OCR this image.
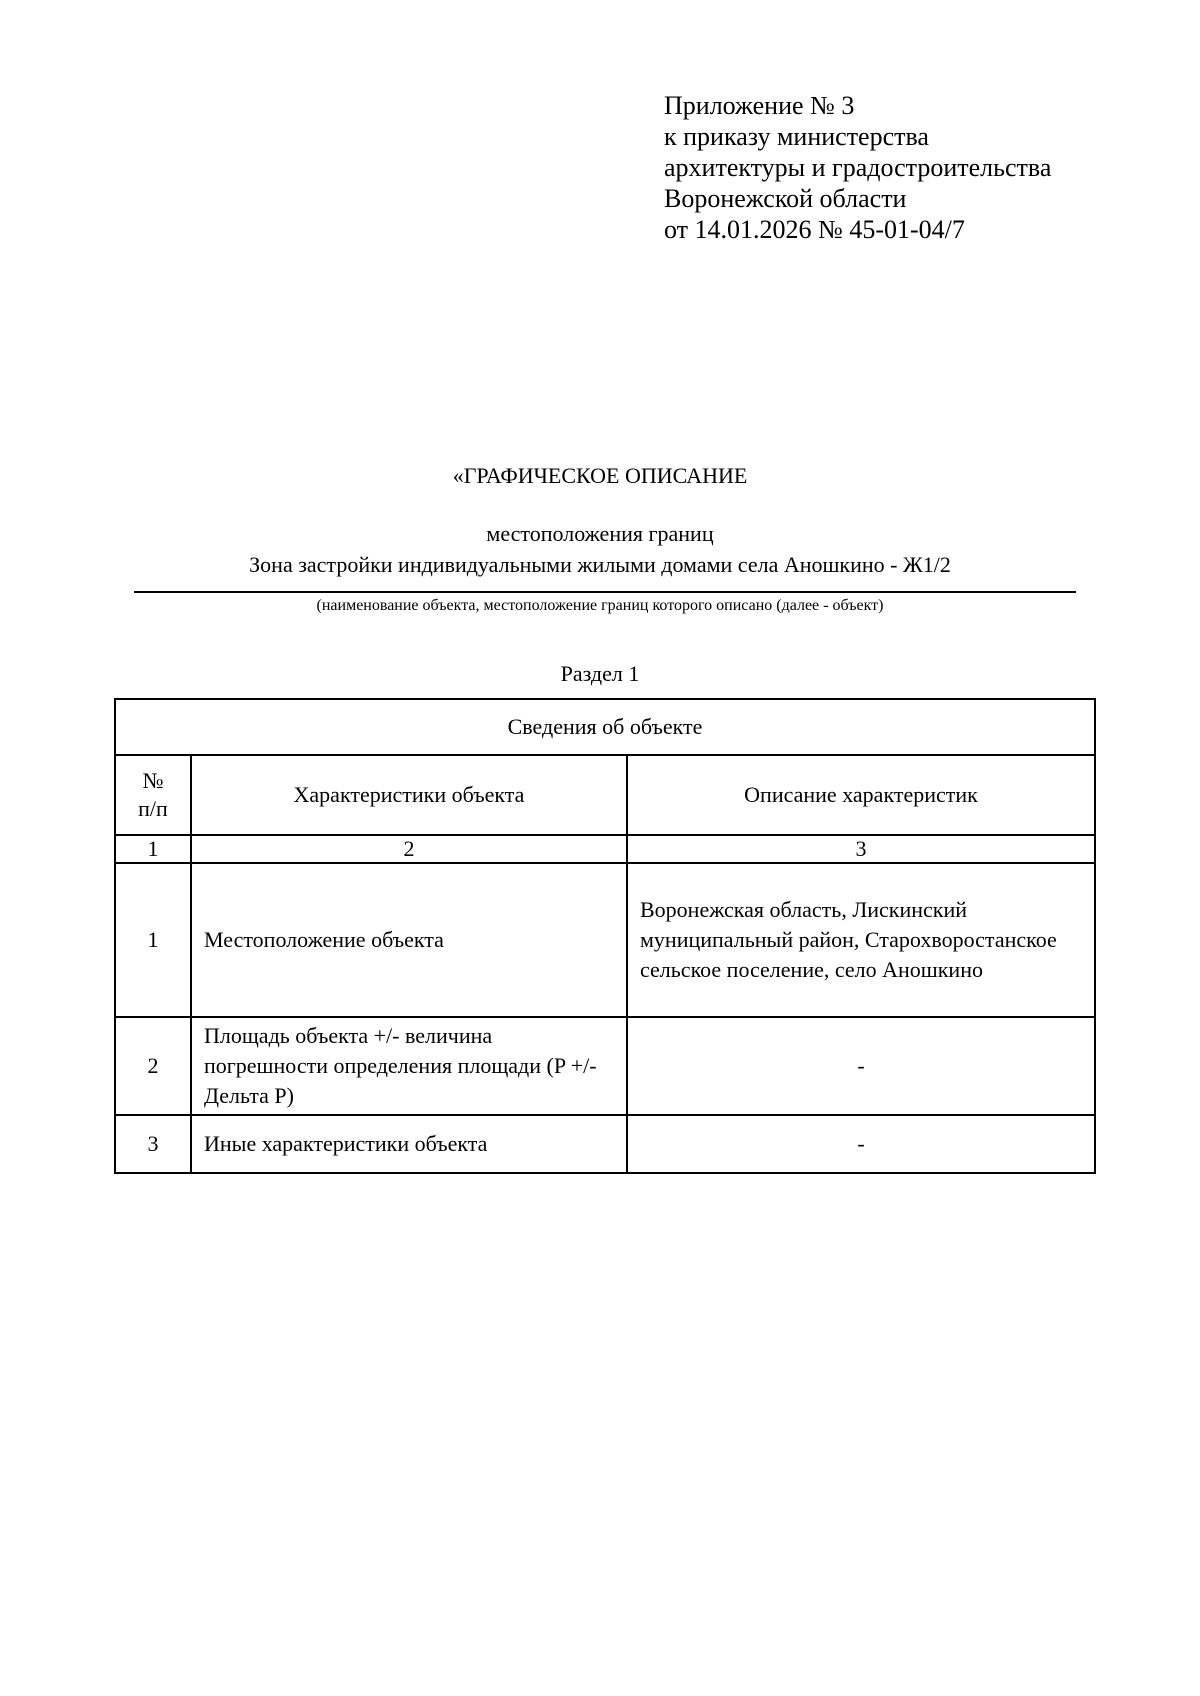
Приложение № 3
к приказу министерства
архитектуры и градостроительства
Воронежской области
от 14.01.2026 № 45-01-04/7
«ГРАФИЧЕСКОЕ ОПИСАНИЕ
местоположения границ
Зона застройки индивидуальными жилыми домами села Аношкино - Ж1/2
(наименование объекта, местоположение границ которого описано (далее - объект)
Раздел 1
Сведения об объекте		

№
п/п	Характеристики объекта	Описание характеристик
1	2	3
1	Местоположение объекта	Воронежская область, Лискинский муниципальный район, Старохворостанское сельское поселение, село Аношкино
2	Площадь объекта +/- величина погрешности определения площади (P +/- Дельта P)	-
3	Иные характеристики объекта	-
